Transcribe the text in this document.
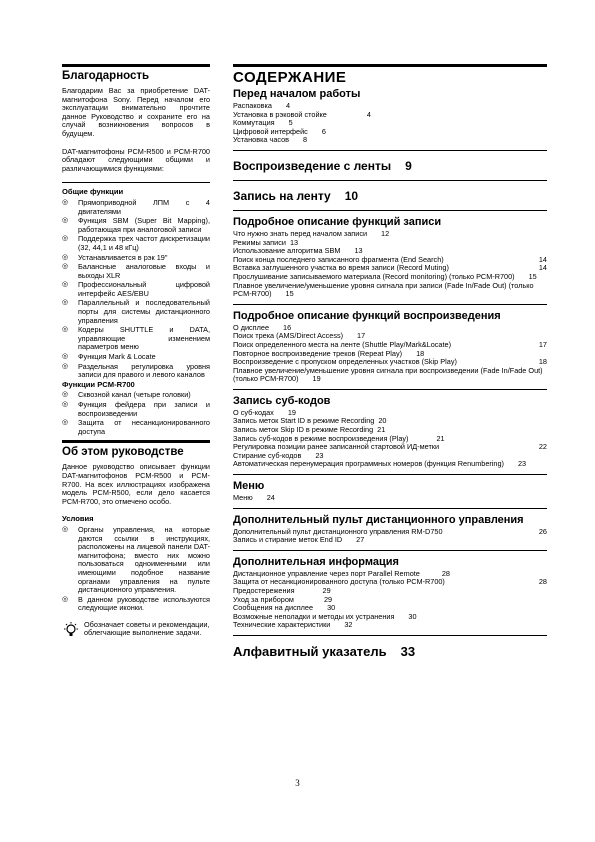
Благодарность

Благодарим Вас за приобретение DAT-магнитофона Sony. Перед началом его эксплуатации внимательно прочтите данное Руководство и сохраните его на случай возникновения вопросов в будущем.

DAT-магнитофоны PCM-R500 и PCM-R700 обладают следующими общими и различающимися функциями:

Общие функции
◎ Прямоприводной ЛПМ с 4 двигателями
◎ Функция SBM (Super Bit Mapping), работающая при аналоговой записи
◎ Поддержка трех частот дискретизации (32, 44,1 и 48 кГц)
◎ Устанавливается в рэк 19"
◎ Балансные аналоговые входы и выходы XLR
◎ Профессиональный цифровой интерфейс AES/EBU
◎ Параллельный и последовательный порты для системы дистанционного управления
◎ Кодеры SHUTTLE и DATA, управляющие изменением параметров меню
◎ Функция Mark & Locate
◎ Раздельная регулировка уровня записи для правого и левого каналов
Функции PCM-R700
◎ Сквозной канал (четыре головки)
◎ Функция фейдера при записи и воспроизведении
◎ Защита от несанкционированного доступа
Об этом руководстве

Данное руководство описывает функции DAT-магнитофонов PCM-R500 и PCM-R700. На всех иллюстрациях изображена модель PCM-R500, если дело касается PCM-R700, это отмечено особо.

Условия
◎ Органы управления, на которые даются ссылки в инструкциях, расположены на лицевой панели DAT-магнитофона; вместо них можно пользоваться одноименными или имеющими подобное название органами управления на пульте дистанционного управления.
◎ В данном руководстве используются следующие иконки.
Обозначает советы и рекомендации, облегчающие выполнение задачи.
СОДЕРЖАНИЕ
Перед началом работы
Распаковка 4
Установка в рэковой стойке	4
Коммутация 5
Цифровой интерфейс 6
Установка часов 8
Воспроизведение с ленты 9
Запись на ленту 10
Подробное описание функций записи
Что нужно знать перед началом записи 12
Режимы записи 13
Использование алгоритма SBM 13
Поиск конца последнего записанного фрагмента (End Search)	14
Вставка заглушенного участка во время записи (Record Muting)	14
Прослушивание записываемого материала (Record monitoring) (только PCM-R700) 15
Плавное увеличение/уменьшение уровня сигнала при записи (Fade In/Fade Out) (только PCM-R700) 15
Подробное описание функций воспроизведения
О дисплее 16
Поиск трека (AMS/Direct Access) 17
Поиск определенного места на ленте (Shuttle Play/Mark&Locate)	17
Повторное воспроизведение треков (Repeat Play) 18
Воспроизведение с пропуском определенных участков (Skip Play)	18
Плавное увеличение/уменьшение уровня сигнала при воспроизведении (Fade In/Fade Out) (только PCM-R700) 19
Запись суб-кодов
О суб-кодах 19
Запись меток Start ID в режиме Recording 20
Запись меток Skip ID в режиме Recording 21
Запись суб-кодов в режиме воспроизведения (Play)	21
Регулировка позиции ранее записанной стартовой ИД-метки	22
Стирание суб-кодов 23
Автоматическая перенумерация программных номеров (функция Renumbering) 23
Меню
Меню 24
Дополнительный пульт дистанционного управления
Дополнительный пульт дистанционного управления RM-D750	26
Запись и стирание меток End ID 27
Дополнительная информация
Дистанционное управление через порт Parallel Remote	28
Защита от несанкционированного доступа (только PCM-R700)	28
Предостережения	29
Уход за прибором	29
Сообщения на дисплее 30
Возможные неполадки и методы их устранения 30
Технические характеристики 32
Алфавитный указатель 33
3
